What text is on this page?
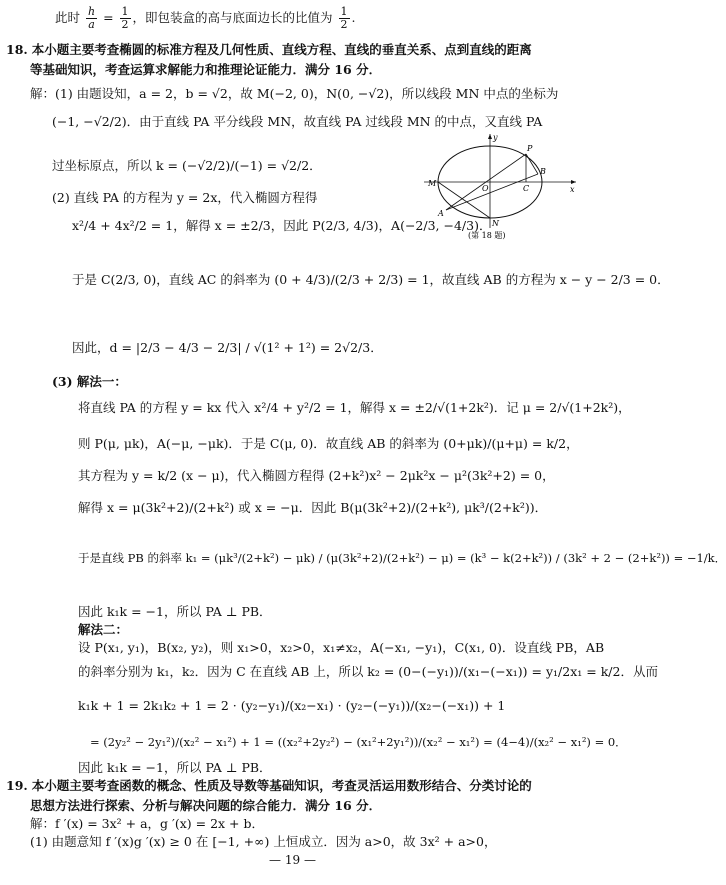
此时 $\frac{h}{a} = \frac{1}{2}$ ，即包装盒的高与底面边长的比值为 $\frac{1}{2}$ .
18. 本小题主要考查椭圆的标准方程及几何性质、直线方程、直线的垂直关系、点到直线的距离
等基础知识，考查运算求解能力和推理论证能力．满分 16 分．
解：(1) 由题设知，a = 2，b = √2，故 M(−2, 0)，N(0, −√2)，所以线段 MN 中点的坐标为
(−1, −√2/2)．由于直线 PA 平分线段 MN，故直线 PA 过线段 MN 的中点，又直线 PA
过坐标原点，所以 k = (−√2/2)/(−1) = √2/2．
(2) 直线 PA 的方程为 y = 2x，代入椭圆方程得
x²/4 + 4x²/2 = 1，解得 x = ±2/3，因此 P(2/3, 4/3)，A(−2/3, −4/3)．
于是 C(2/3, 0)，直线 AC 的斜率为 (0 + 4/3)/(2/3 + 2/3) = 1，故直线 AB 的方程为 x − y − 2/3 = 0．
因此，d = |2/3 − 4/3 − 2/3| / √(1² + 1²) = 2√2/3．
(3) 解法一：
将直线 PA 的方程 y = kx 代入 x²/4 + y²/2 = 1，解得 x = ±2/√(1+2k²)．记 μ = 2/√(1+2k²)，
则 P(μ, μk)，A(−μ, −μk)．于是 C(μ, 0)．故直线 AB 的斜率为 (0+μk)/(μ+μ) = k/2，
其方程为 y = k/2 (x − μ)，代入椭圆方程得 (2+k²)x² − 2μk²x − μ²(3k²+2) = 0，
解得 x = μ(3k²+2)/(2+k²) 或 x = −μ．因此 B(μ(3k²+2)/(2+k²), μk³/(2+k²))．
于是直线 PB 的斜率 k₁ = (μk³/(2+k²) − μk) / (μ(3k²+2)/(2+k²) − μ) = (k³ − k(2+k²)) / (3k² + 2 − (2+k²)) = −1/k．
因此 k₁k = −1，所以 PA ⊥ PB．
解法二：
设 P(x₁, y₁)，B(x₂, y₂)，则 x₁>0，x₂>0，x₁≠x₂，A(−x₁, −y₁)，C(x₁, 0)．设直线 PB，AB
的斜率分别为 k₁，k₂．因为 C 在直线 AB 上，所以 k₂ = (0−(−y₁))/(x₁−(−x₁)) = y₁/2x₁ = k/2．从而
k₁k + 1 = 2k₁k₂ + 1 = 2 · (y₂−y₁)/(x₂−x₁) · (y₂−(−y₁))/(x₂−(−x₁)) + 1
= (2y₂² − 2y₁²)/(x₂² − x₁²) + 1 = ((x₂²+2y₂²) − (x₁²+2y₁²))/(x₂² − x₁²) = (4−4)/(x₂² − x₁²) = 0．
因此 k₁k = −1，所以 PA ⊥ PB．
y
x
M
P
B
O	C
A
N
(第 18 题)
19. 本小题主要考查函数的概念、性质及导数等基础知识，考查灵活运用数形结合、分类讨论的
思想方法进行探索、分析与解决问题的综合能力．满分 16 分．
解：f ′(x) = 3x² + a，g ′(x) = 2x + b．
(1) 由题意知 f ′(x)g ′(x) ≥ 0 在 [−1, +∞) 上恒成立．因为 a>0，故 3x² + a>0，
— 19 —
